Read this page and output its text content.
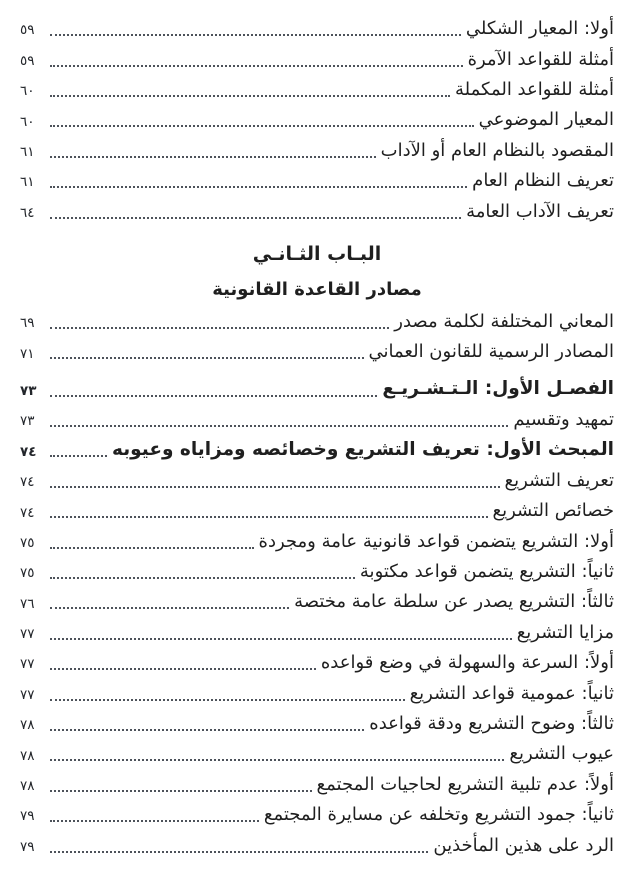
أولا: المعيار الشكلي
٥٩
أمثلة للقواعد الآمرة
٥٩
أمثلة للقواعد المكملة
٦٠
المعيار الموضوعي
٦٠
المقصود بالنظام العام أو الآداب
٦١
تعريف النظام العام
٦١
تعريف الآداب العامة
٦٤
البـاب الثـانـي
مصادر القاعدة القانونية
المعاني المختلفة لكلمة مصدر
٦٩
المصادر الرسمية للقانون العماني
٧١
الفصـل الأول: الـتـشـريـع
٧٣
تمهيد وتقسيم
٧٣
المبحث الأول: تعريف التشريع وخصائصه ومزاياه وعيوبه
٧٤
تعريف التشريع
٧٤
خصائص التشريع
٧٤
أولا: التشريع يتضمن قواعد قانونية عامة ومجردة
٧٥
ثانياً: التشريع يتضمن قواعد مكتوبة
٧٥
ثالثاً: التشريع يصدر عن سلطة عامة مختصة
٧٦
مزايا التشريع
٧٧
أولاً: السرعة والسهولة في وضع قواعده
٧٧
ثانياً: عمومية قواعد التشريع
٧٧
ثالثاً: وضوح التشريع ودقة قواعده
٧٨
عيوب التشريع
٧٨
أولاً: عدم تلبية التشريع لحاجيات المجتمع
٧٨
ثانياً: جمود التشريع وتخلفه عن مسايرة المجتمع
٧٩
الرد على هذين المأخذين
٧٩
